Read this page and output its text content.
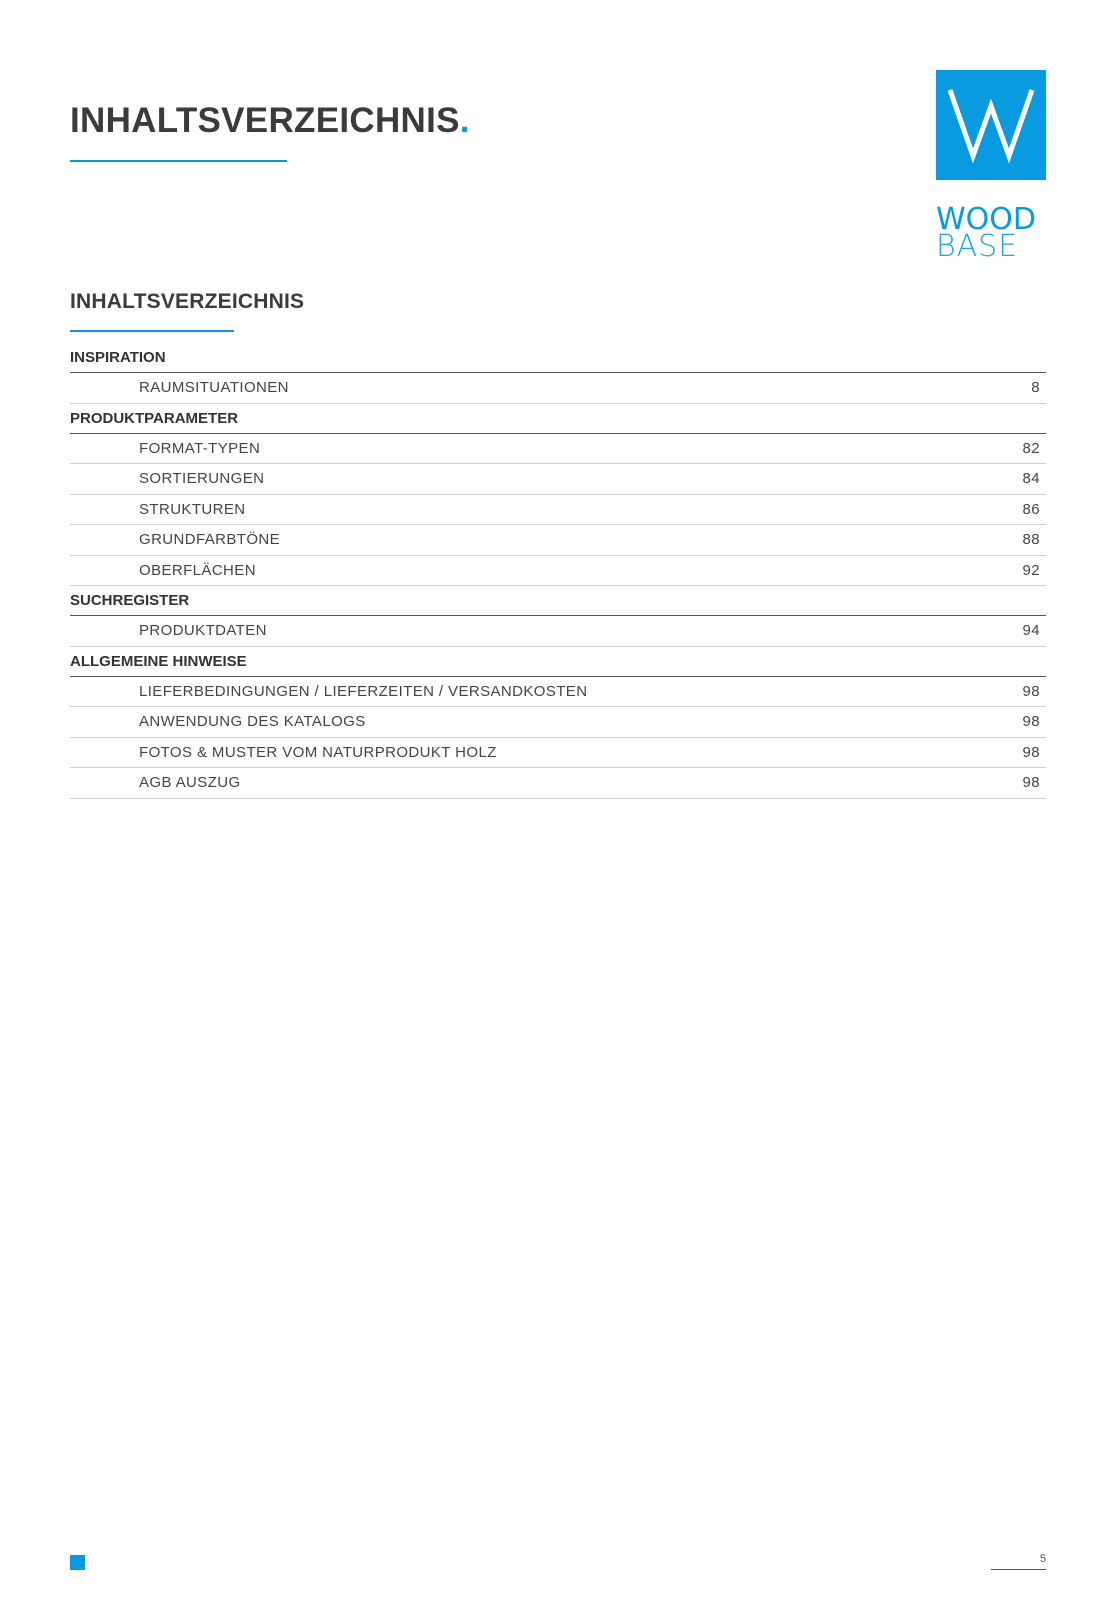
INHALTSVERZEICHNIS.
WOOD
BASE
INHALTSVERZEICHNIS
INSPIRATION
RAUMSITUATIONEN	8
PRODUKTPARAMETER
FORMAT-TYPEN	82
SORTIERUNGEN	84
STRUKTUREN	86
GRUNDFARBTÖNE	88
OBERFLÄCHEN	92
SUCHREGISTER
PRODUKTDATEN	94
ALLGEMEINE HINWEISE
LIEFERBEDINGUNGEN / LIEFERZEITEN / VERSANDKOSTEN	98
ANWENDUNG DES KATALOGS	98
FOTOS & MUSTER VOM NATURPRODUKT HOLZ	98
AGB AUSZUG	98
5
